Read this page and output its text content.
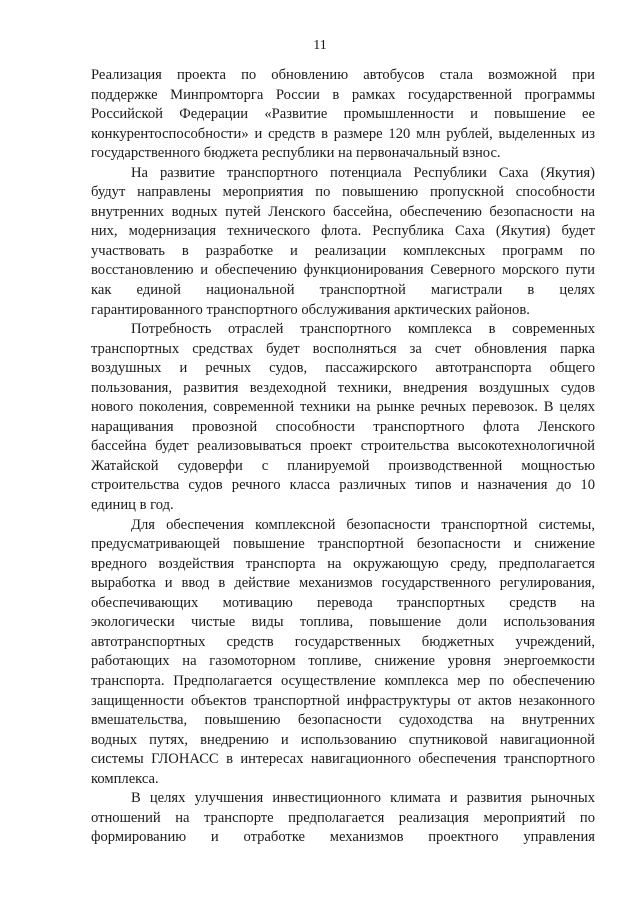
11
Реализация проекта по обновлению автобусов стала возможной при
поддержке Минпромторга России в рамках государственной программы
Российской Федерации «Развитие промышленности и повышение ее
конкурентоспособности» и средств в размере 120 млн рублей, выделенных из
государственного бюджета республики на первоначальный взнос.
На развитие транспортного потенциала Республики Саха (Якутия)
будут направлены мероприятия по повышению пропускной способности
внутренних водных путей Ленского бассейна, обеспечению безопасности на
них, модернизация технического флота. Республика Саха (Якутия) будет
участвовать в разработке и реализации комплексных программ по
восстановлению и обеспечению функционирования Северного морского пути
как единой национальной транспортной магистрали в целях
гарантированного транспортного обслуживания арктических районов.
Потребность отраслей транспортного комплекса в современных
транспортных средствах будет восполняться за счет обновления парка
воздушных и речных судов, пассажирского автотранспорта общего
пользования, развития вездеходной техники, внедрения воздушных судов
нового поколения, современной техники на рынке речных перевозок. В целях
наращивания провозной способности транспортного флота Ленского
бассейна будет реализовываться проект строительства высокотехнологичной
Жатайской судоверфи с планируемой производственной мощностью
строительства судов речного класса различных типов и назначения до 10
единиц в год.
Для обеспечения комплексной безопасности транспортной системы,
предусматривающей повышение транспортной безопасности и снижение
вредного воздействия транспорта на окружающую среду, предполагается
выработка и ввод в действие механизмов государственного регулирования,
обеспечивающих мотивацию перевода транспортных средств на
экологически чистые виды топлива, повышение доли использования
автотранспортных средств государственных бюджетных учреждений,
работающих на газомоторном топливе, снижение уровня энергоемкости
транспорта. Предполагается осуществление комплекса мер по обеспечению
защищенности объектов транспортной инфраструктуры от актов незаконного
вмешательства, повышению безопасности судоходства на внутренних
водных путях, внедрению и использованию спутниковой навигационной
системы ГЛОНАСС в интересах навигационного обеспечения транспортного
комплекса.
В целях улучшения инвестиционного климата и развития рыночных
отношений на транспорте предполагается реализация мероприятий по
формированию и отработке механизмов проектного управления
